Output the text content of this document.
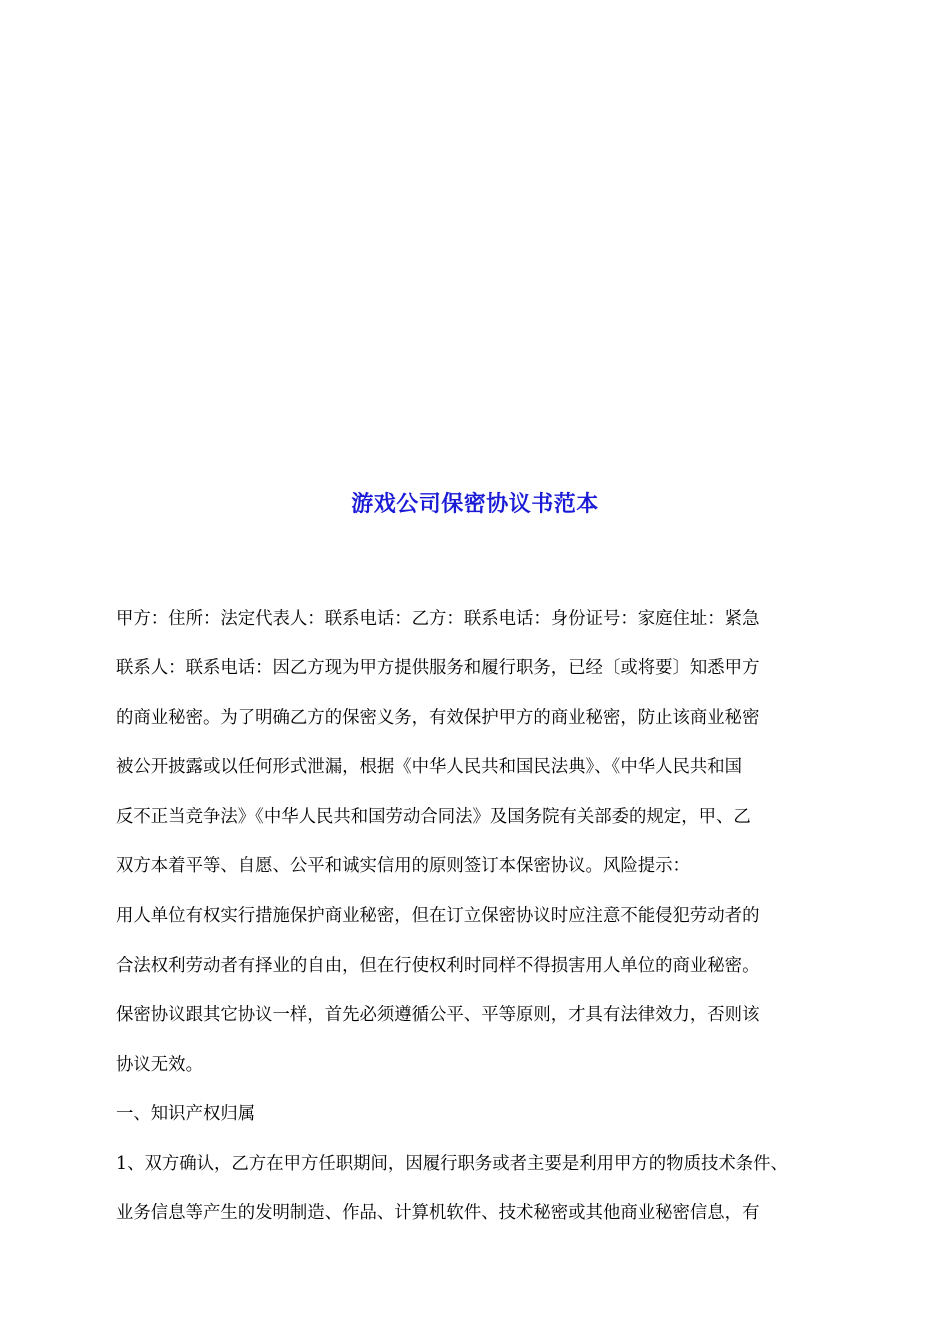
游戏公司保密协议书范本

甲方：住所：法定代表人：联系电话：乙方：联系电话：身份证号：家庭住址：紧急

联系人：联系电话：因乙方现为甲方提供服务和履行职务，已经〔或将要〕知悉甲方

的商业秘密。为了明确乙方的保密义务，有效保护甲方的商业秘密，防止该商业秘密

被公开披露或以任何形式泄漏，根据《中华人民共和国民法典》、《中华人民共和国

反不正当竞争法》《中华人民共和国劳动合同法》及国务院有关部委的规定，甲、乙

双方本着平等、自愿、公平和诚实信用的原则签订本保密协议。风险提示：

用人单位有权实行措施保护商业秘密，但在订立保密协议时应注意不能侵犯劳动者的

合法权利劳动者有择业的自由，但在行使权利时同样不得损害用人单位的商业秘密。

保密协议跟其它协议一样，首先必须遵循公平、平等原则，才具有法律效力，否则该

协议无效。

一、知识产权归属

1、双方确认，乙方在甲方任职期间，因履行职务或者主要是利用甲方的物质技术条件、

业务信息等产生的发明制造、作品、计算机软件、技术秘密或其他商业秘密信息，有
